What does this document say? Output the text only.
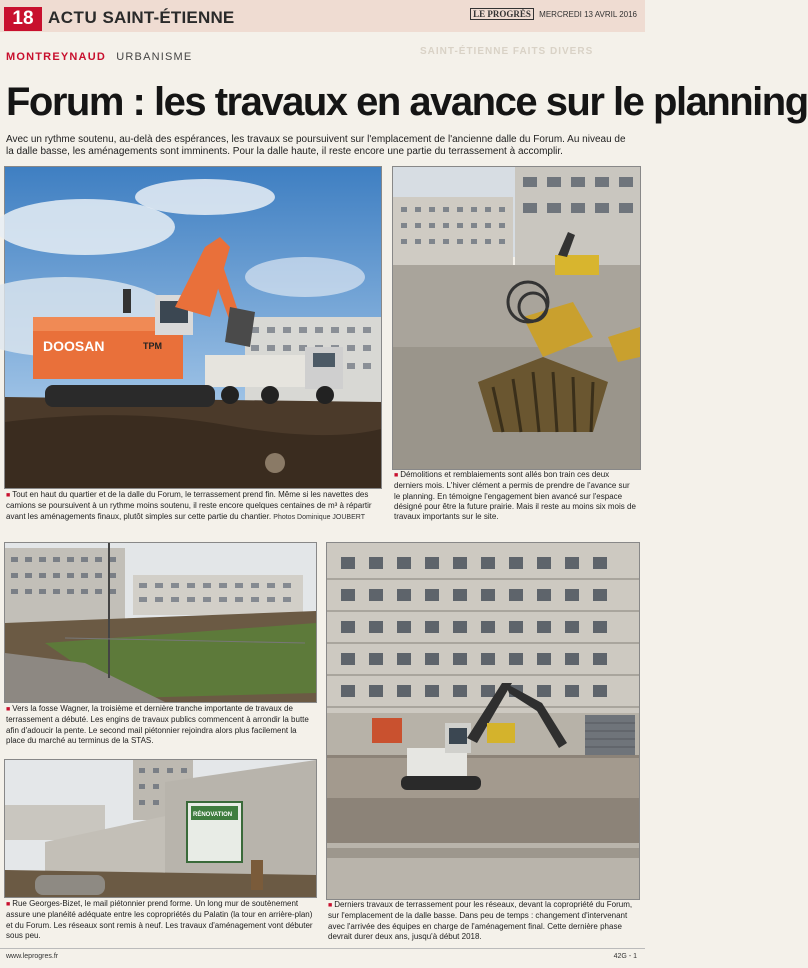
18 ACTU SAINT-ÉTIENNE	LE PROGRÈS MERCREDI 13 AVRIL 2016
SAINT-ÉTIENNE FAITS DIVERS
MONTREYNAUD URBANISME
Forum : les travaux en avance sur le planning
Avec un rythme soutenu, au-delà des espérances, les travaux se poursuivent sur l'emplacement de l'ancienne dalle du Forum. Au niveau de la dalle basse, les aménagements sont imminents. Pour la dalle haute, il reste encore une partie du terrassement à accomplir.
DOOSAN	TPM
■ Tout en haut du quartier et de la dalle du Forum, le terrassement prend fin. Même si les navettes des camions se poursuivent à un rythme moins soutenu, il reste encore quelques centaines de m³ à répartir avant les aménagements finaux, plutôt simples sur cette partie du chantier. Photos Dominique JOUBERT
■ Démolitions et remblaiements sont allés bon train ces deux derniers mois. L'hiver clément a permis de prendre de l'avance sur le planning. En témoigne l'engagement bien avancé sur l'espace désigné pour être la future prairie. Mais il reste au moins six mois de travaux importants sur le site.
■ Vers la fosse Wagner, la troisième et dernière tranche importante de travaux de terrassement a débuté. Les engins de travaux publics commencent à arrondir la butte afin d'adoucir la pente. Le second mail piétonnier rejoindra alors plus facilement la place du marché au terminus de la STAS.
RÉNOVATION
■ Rue Georges-Bizet, le mail piétonnier prend forme. Un long mur de soutènement assure une planéité adéquate entre les copropriétés du Palatin (la tour en arrière-plan) et du Forum. Les réseaux sont remis à neuf. Les travaux d'aménagement vont débuter sous peu.
■ Derniers travaux de terrassement pour les réseaux, devant la copropriété du Forum, sur l'emplacement de la dalle basse. Dans peu de temps : changement d'intervenant avec l'arrivée des équipes en charge de l'aménagement final. Cette dernière phase devrait durer deux ans, jusqu'à début 2018.
www.leprogres.fr	42G - 1
